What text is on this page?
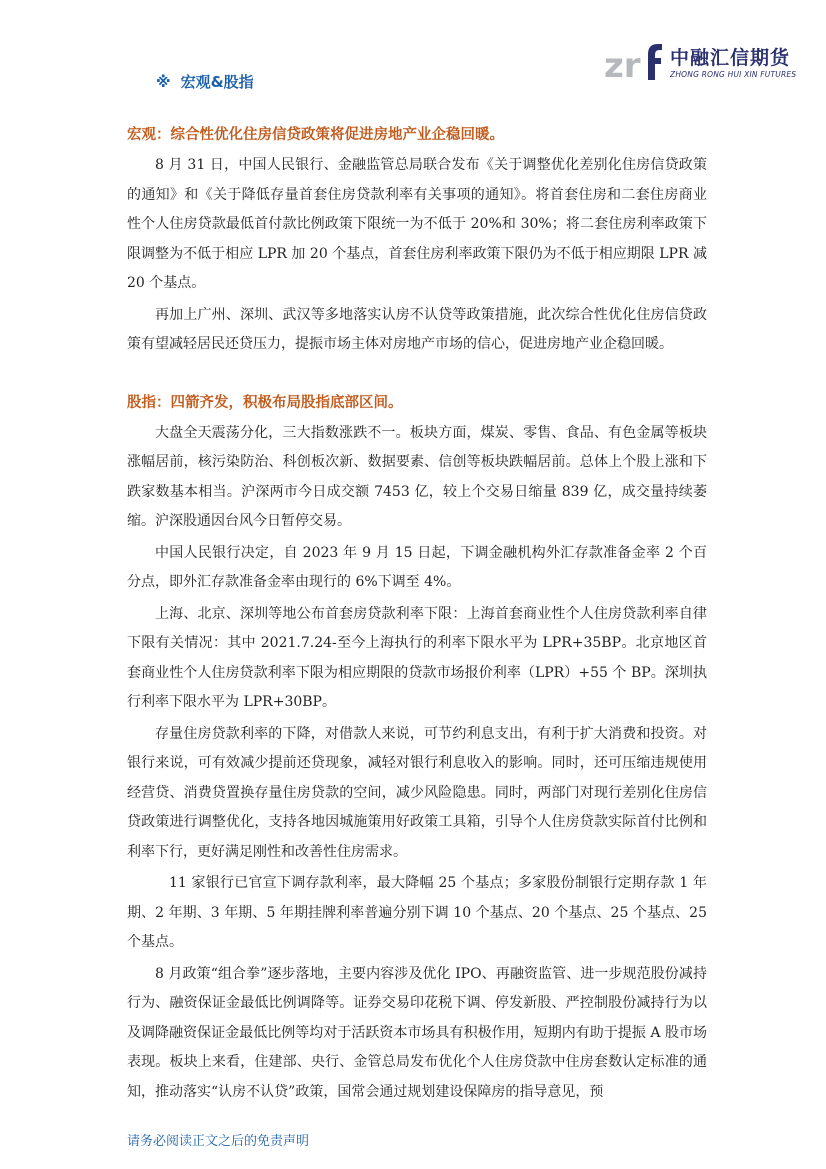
zr 中融汇信期货
ZHONG RONG HUI XIN FUTURES
※ 宏观&股指
宏观：综合性优化住房信贷政策将促进房地产业企稳回暖。

8 月 31 日，中国人民银行、金融监管总局联合发布《关于调整优化差别化住房信贷政策的通知》和《关于降低存量首套住房贷款利率有关事项的通知》。将首套住房和二套住房商业性个人住房贷款最低首付款比例政策下限统一为不低于 20%和 30%；将二套住房利率政策下限调整为不低于相应 LPR 加 20 个基点，首套住房利率政策下限仍为不低于相应期限 LPR 减 20 个基点。

再加上广州、深圳、武汉等多地落实认房不认贷等政策措施，此次综合性优化住房信贷政策有望减轻居民还贷压力，提振市场主体对房地产市场的信心，促进房地产业企稳回暖。

股指：四箭齐发，积极布局股指底部区间。

大盘全天震荡分化，三大指数涨跌不一。板块方面，煤炭、零售、食品、有色金属等板块涨幅居前，核污染防治、科创板次新、数据要素、信创等板块跌幅居前。总体上个股上涨和下跌家数基本相当。沪深两市今日成交额 7453 亿，较上个交易日缩量 839 亿，成交量持续萎缩。沪深股通因台风今日暂停交易。

中国人民银行决定，自 2023 年 9 月 15 日起，下调金融机构外汇存款准备金率 2 个百分点，即外汇存款准备金率由现行的 6%下调至 4%。

上海、北京、深圳等地公布首套房贷款利率下限：上海首套商业性个人住房贷款利率自律下限有关情况：其中 2021.7.24-至今上海执行的利率下限水平为 LPR+35BP。北京地区首套商业性个人住房贷款利率下限为相应期限的贷款市场报价利率（LPR）+55 个 BP。深圳执行利率下限水平为 LPR+30BP。

存量住房贷款利率的下降，对借款人来说，可节约利息支出，有利于扩大消费和投资。对银行来说，可有效减少提前还贷现象，减轻对银行利息收入的影响。同时，还可压缩违规使用经营贷、消费贷置换存量住房贷款的空间，减少风险隐患。同时，两部门对现行差别化住房信贷政策进行调整优化，支持各地因城施策用好政策工具箱，引导个人住房贷款实际首付比例和利率下行，更好满足刚性和改善性住房需求。

11 家银行已官宣下调存款利率，最大降幅 25 个基点；多家股份制银行定期存款 1 年期、2 年期、3 年期、5 年期挂牌利率普遍分别下调 10 个基点、20 个基点、25 个基点、25 个基点。

8 月政策“组合拳”逐步落地，主要内容涉及优化 IPO、再融资监管、进一步规范股份减持行为、融资保证金最低比例调降等。证券交易印花税下调、停发新股、严控制股份减持行为以及调降融资保证金最低比例等均对于活跃资本市场具有积极作用，短期内有助于提振 A 股市场表现。板块上来看，住建部、央行、金管总局发布优化个人住房贷款中住房套数认定标准的通知，推动落实“认房不认贷”政策，国常会通过规划建设保障房的指导意见，预

请务必阅读正文之后的免责声明
